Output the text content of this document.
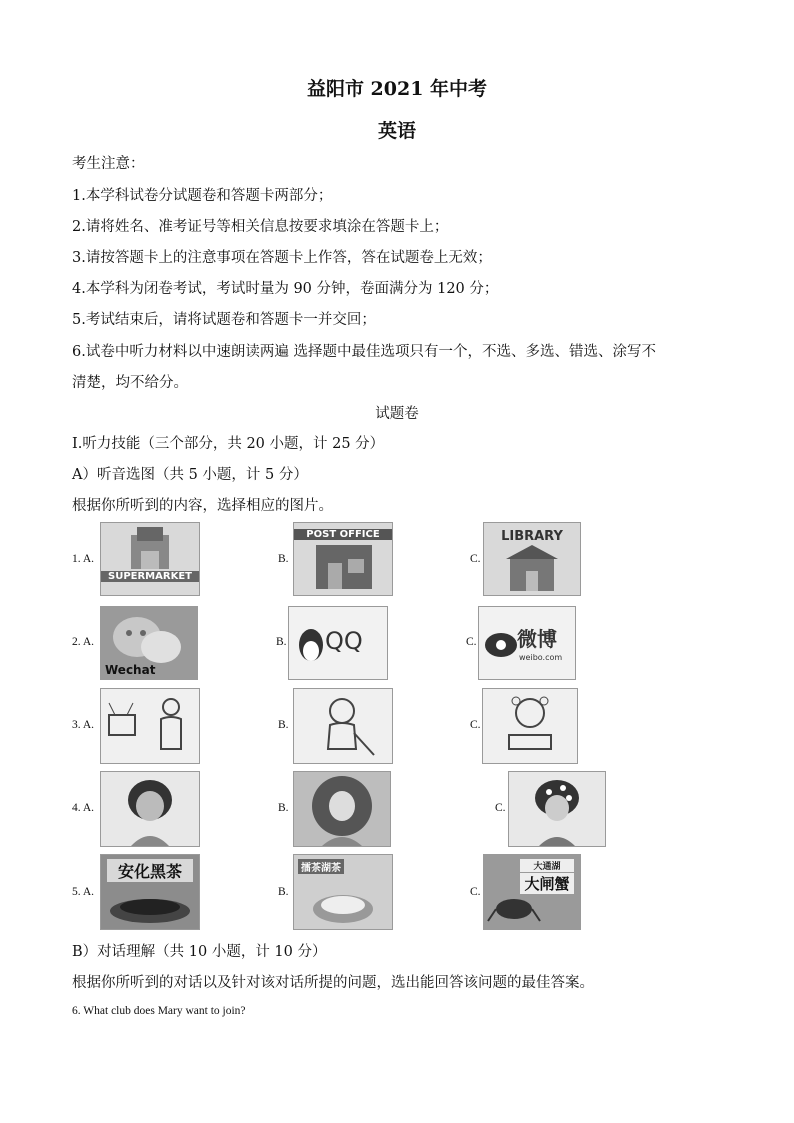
益阳市 2021 年中考
英语
考生注意：
1.本学科试卷分试题卷和答题卡两部分；
2.请将姓名、准考证号等相关信息按要求填涂在答题卡上；
3.请按答题卡上的注意事项在答题卡上作答，答在试题卷上无效；
4.本学科为闭卷考试，考试时量为 90 分钟，卷面满分为 120 分；
5.考试结束后，请将试题卷和答题卡一并交回；
6.试卷中听力材料以中速朗读两遍 选择题中最佳选项只有一个，不选、多选、错选、涂写不
清楚，均不给分。
试题卷
I.听力技能（三个部分，共 20 小题，计 25 分）
A）听音选图（共 5 小题，计 5 分）
根据你所听到的内容，选择相应的图片。
1. A.
SUPERMARKET
B.
POST OFFICE
C.
LIBRARY
2. A.
Wechat
B. QQ	C. 微博
weibo.com
3. A.	B.	C.
4. A.	B.	C.
5. A.
安化黑茶
B.
擂茶湖茶
C.
大通湖
大闸蟹
B）对话理解（共 10 小题，计 10 分）
根据你所听到的对话以及针对该对话所提的问题，选出能回答该问题的最佳答案。
6. What club does Mary want to join?
